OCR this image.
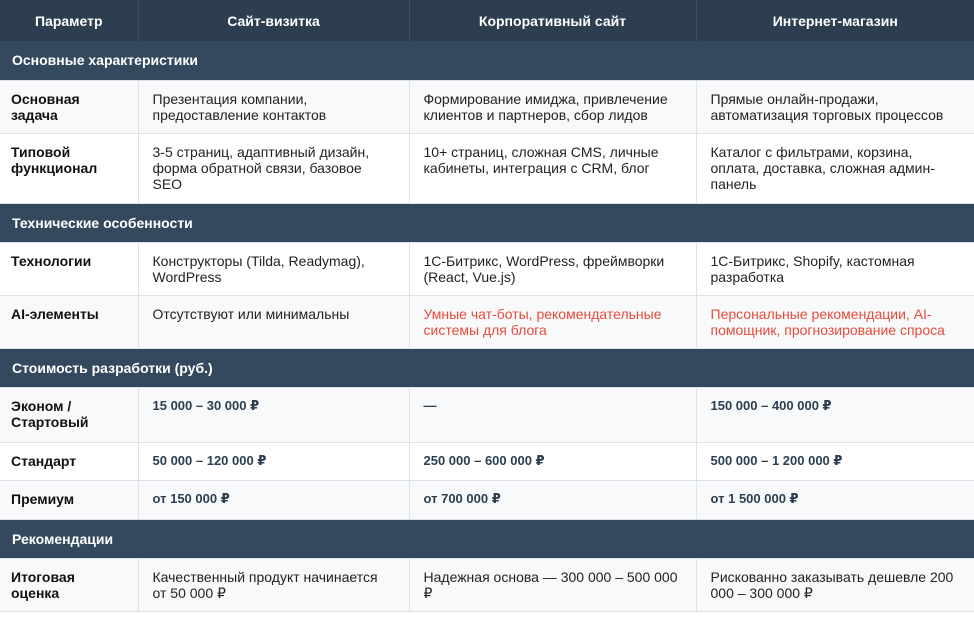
Параметр	Сайт-визитка	Корпоративный сайт	Интернет-магазин
Основные характеристики			
Основная задача	Презентация компании, предоставление контактов	Формирование имиджа, привлечение клиентов и партнеров, сбор лидов	Прямые онлайн-продажи, автоматизация торговых процессов
Типовой функционал	3-5 страниц, адаптивный дизайн, форма обратной связи, базовое SEO	10+ страниц, сложная CMS, личные кабинеты, интеграция с CRM, блог	Каталог с фильтрами, корзина, оплата, доставка, сложная админ-панель
Технические особенности			
Технологии	Конструкторы (Tilda, Readymag), WordPress	1С-Битрикс, WordPress, фреймворки (React, Vue.js)	1С-Битрикс, Shopify, кастомная разработка
AI-элементы	Отсутствуют или минимальны	Умные чат-боты, рекомендательные системы для блога	Персональные рекомендации, AI-помощник, прогнозирование спроса
Стоимость разработки (руб.)			
Эконом / Стартовый	15 000 – 30 000 ₽	—	150 000 – 400 000 ₽
Стандарт	50 000 – 120 000 ₽	250 000 – 600 000 ₽	500 000 – 1 200 000 ₽
Премиум	от 150 000 ₽	от 700 000 ₽	от 1 500 000 ₽
Рекомендации			
Итоговая оценка	Качественный продукт начинается от 50 000 ₽	Надежная основа — 300 000 – 500 000 ₽	Рискованно заказывать дешевле 200 000 – 300 000 ₽
